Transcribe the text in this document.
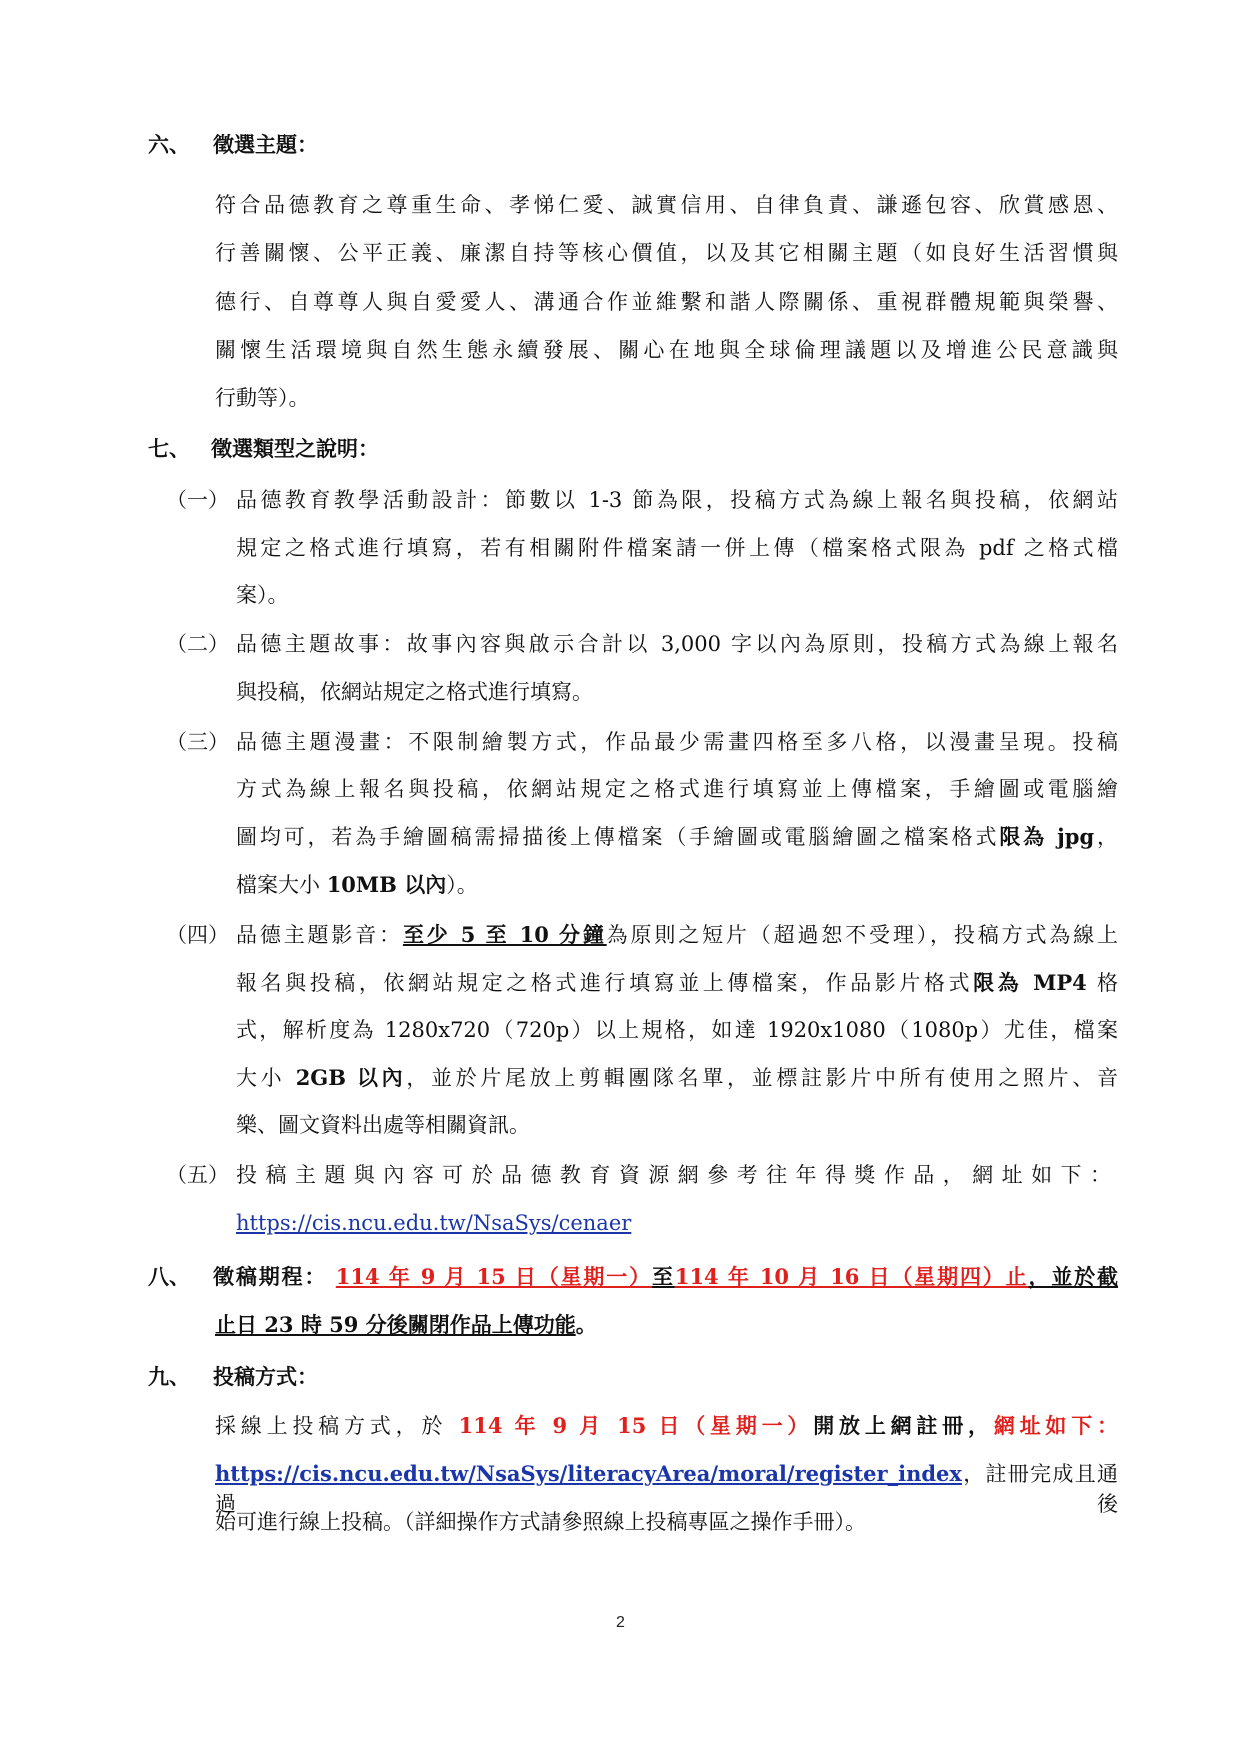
六、 徵選主題：
符合品德教育之尊重生命、孝悌仁愛、誠實信用、自律負責、謙遜包容、欣賞感恩、
行善關懷、公平正義、廉潔自持等核心價值，以及其它相關主題（如良好生活習慣與
德行、自尊尊人與自愛愛人、溝通合作並維繫和諧人際關係、重視群體規範與榮譽、
關懷生活環境與自然生態永續發展、關心在地與全球倫理議題以及增進公民意識與
行動等）。
七、 徵選類型之說明：
（一） 品德教育教學活動設計：節數以 1-3 節為限，投稿方式為線上報名與投稿，依網站
規定之格式進行填寫，若有相關附件檔案請一併上傳（檔案格式限為 pdf 之格式檔
案）。
（二） 品德主題故事：故事內容與啟示合計以 3,000 字以內為原則，投稿方式為線上報名
與投稿，依網站規定之格式進行填寫。
（三） 品德主題漫畫：不限制繪製方式，作品最少需畫四格至多八格，以漫畫呈現。投稿
方式為線上報名與投稿，依網站規定之格式進行填寫並上傳檔案，手繪圖或電腦繪
圖均可，若為手繪圖稿需掃描後上傳檔案（手繪圖或電腦繪圖之檔案格式限為 jpg，
檔案大小 10MB 以內）。
（四） 品德主題影音：至少 5 至 10 分鐘為原則之短片（超過恕不受理），投稿方式為線上
報名與投稿，依網站規定之格式進行填寫並上傳檔案，作品影片格式限為 MP4 格
式，解析度為 1280x720（720p）以上規格，如達 1920x1080（1080p）尤佳，檔案
大小 2GB 以內，並於片尾放上剪輯團隊名單，並標註影片中所有使用之照片、音
樂、圖文資料出處等相關資訊。
（五） 投稿主題與內容可於品德教育資源網參考往年得獎作品，網址如下：
https://cis.ncu.edu.tw/NsaSys/cenaer
八、 徵稿期程： 114 年 9 月 15 日（星期一）至114 年 10 月 16 日（星期四）止，並於截
止日 23 時 59 分後關閉作品上傳功能。
九、 投稿方式：
採線上投稿方式，於 114 年 9 月 15 日（星期一）開放上網註冊，網址如下：
https://cis.ncu.edu.tw/NsaSys/literacyArea/moral/register_index，註冊完成且通過後
始可進行線上投稿。（詳細操作方式請參照線上投稿專區之操作手冊）。
2
